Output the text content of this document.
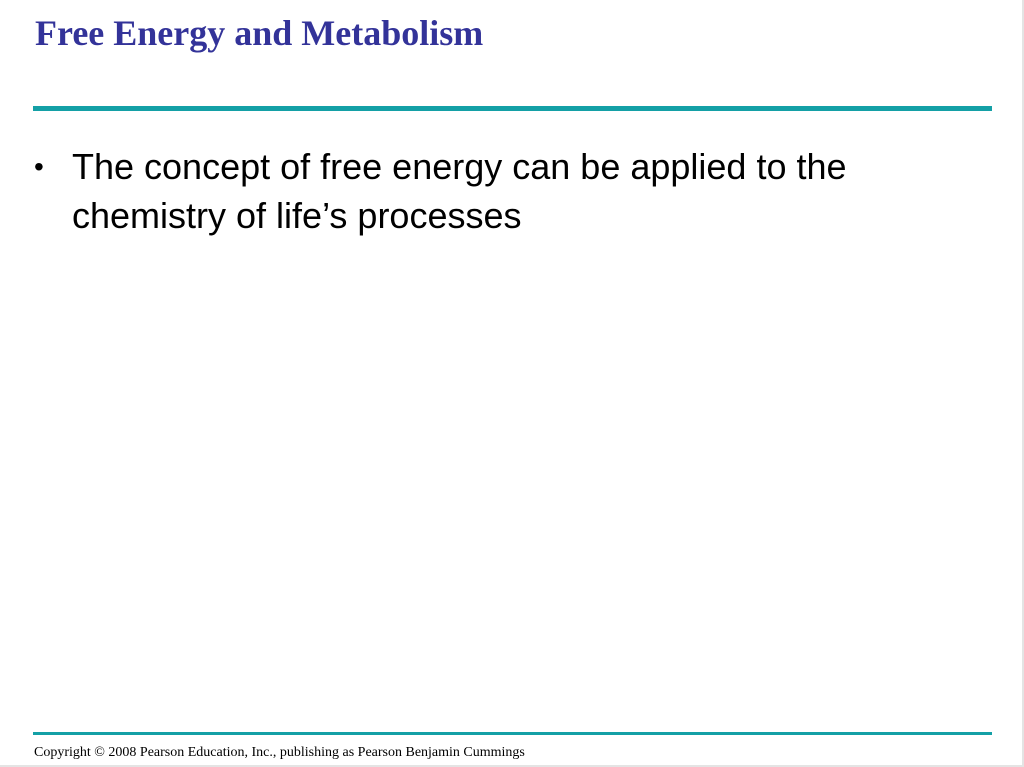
Free Energy and Metabolism
• The concept of free energy can be applied to the chemistry of life’s processes
Copyright © 2008 Pearson Education, Inc., publishing as Pearson Benjamin Cummings
